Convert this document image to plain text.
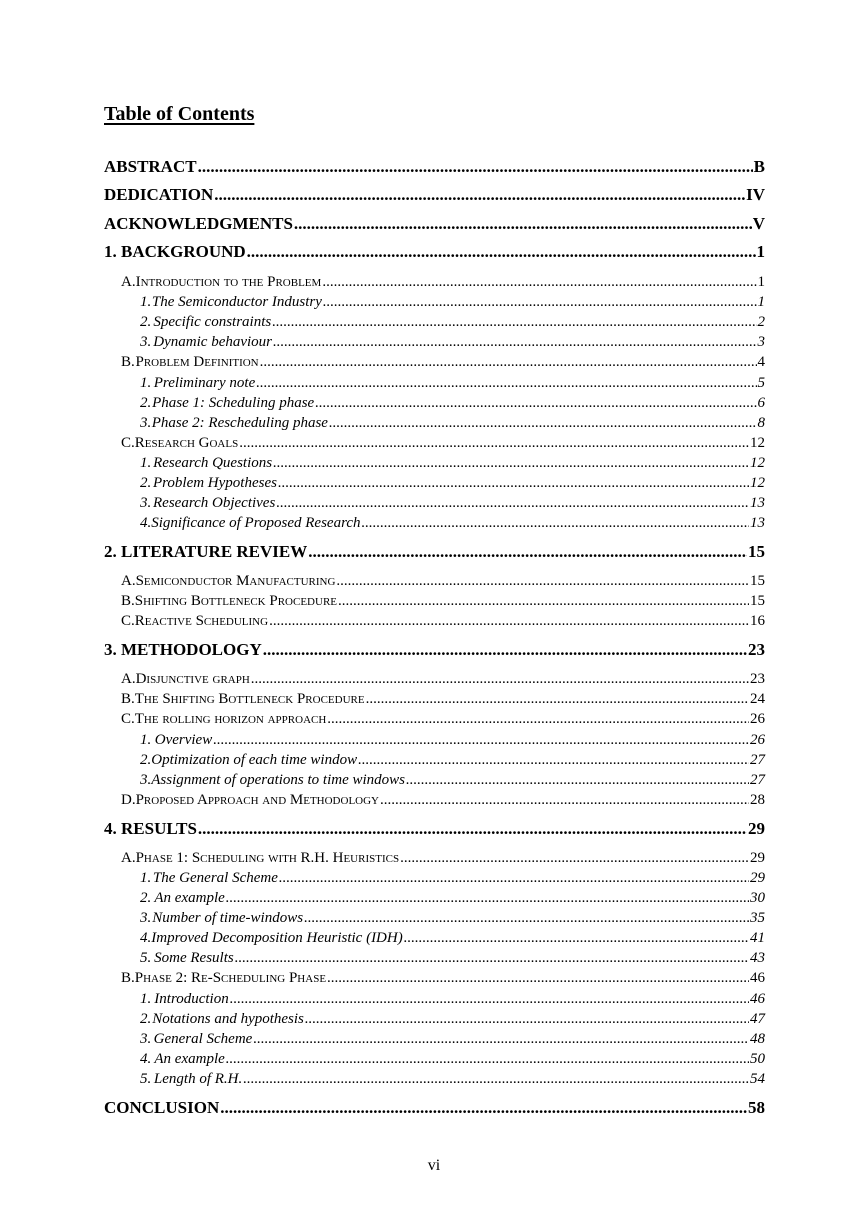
Table of Contents
ABSTRACT .....	B
DEDICATION .....	IV
ACKNOWLEDGMENTS .....	V
1. BACKGROUND .....	1
A. Introduction to the Problem .....	1
1. The Semiconductor Industry .....	1
2. Specific constraints .....	2
3. Dynamic behaviour .....	3
B. Problem Definition .....	4
1. Preliminary note .....	5
2. Phase 1: Scheduling phase .....	6
3. Phase 2: Rescheduling phase .....	8
C. Research Goals .....	12
1. Research Questions .....	12
2. Problem Hypotheses .....	12
3. Research Objectives .....	13
4. Significance of Proposed Research .....	13
2. LITERATURE REVIEW .....	15
A. Semiconductor Manufacturing .....	15
B. Shifting Bottleneck Procedure .....	15
C. Reactive Scheduling .....	16
3. METHODOLOGY .....	23
A. Disjunctive graph .....	23
B. The Shifting Bottleneck Procedure .....	24
C. The rolling horizon approach .....	26
1. Overview .....	26
2. Optimization of each time window .....	27
3. Assignment of operations to time windows .....	27
D. Proposed Approach and Methodology .....	28
4. RESULTS .....	29
A. Phase 1: Scheduling with R.H. Heuristics .....	29
1. The General Scheme .....	29
2. An example .....	30
3. Number of time-windows .....	35
4. Improved Decomposition Heuristic (IDH) .....	41
5. Some Results .....	43
B. Phase 2: Re-Scheduling Phase .....	46
1. Introduction .....	46
2. Notations and hypothesis .....	47
3. General Scheme .....	48
4. An example .....	50
5. Length of R.H. .....	54
CONCLUSION .....	58
vi
